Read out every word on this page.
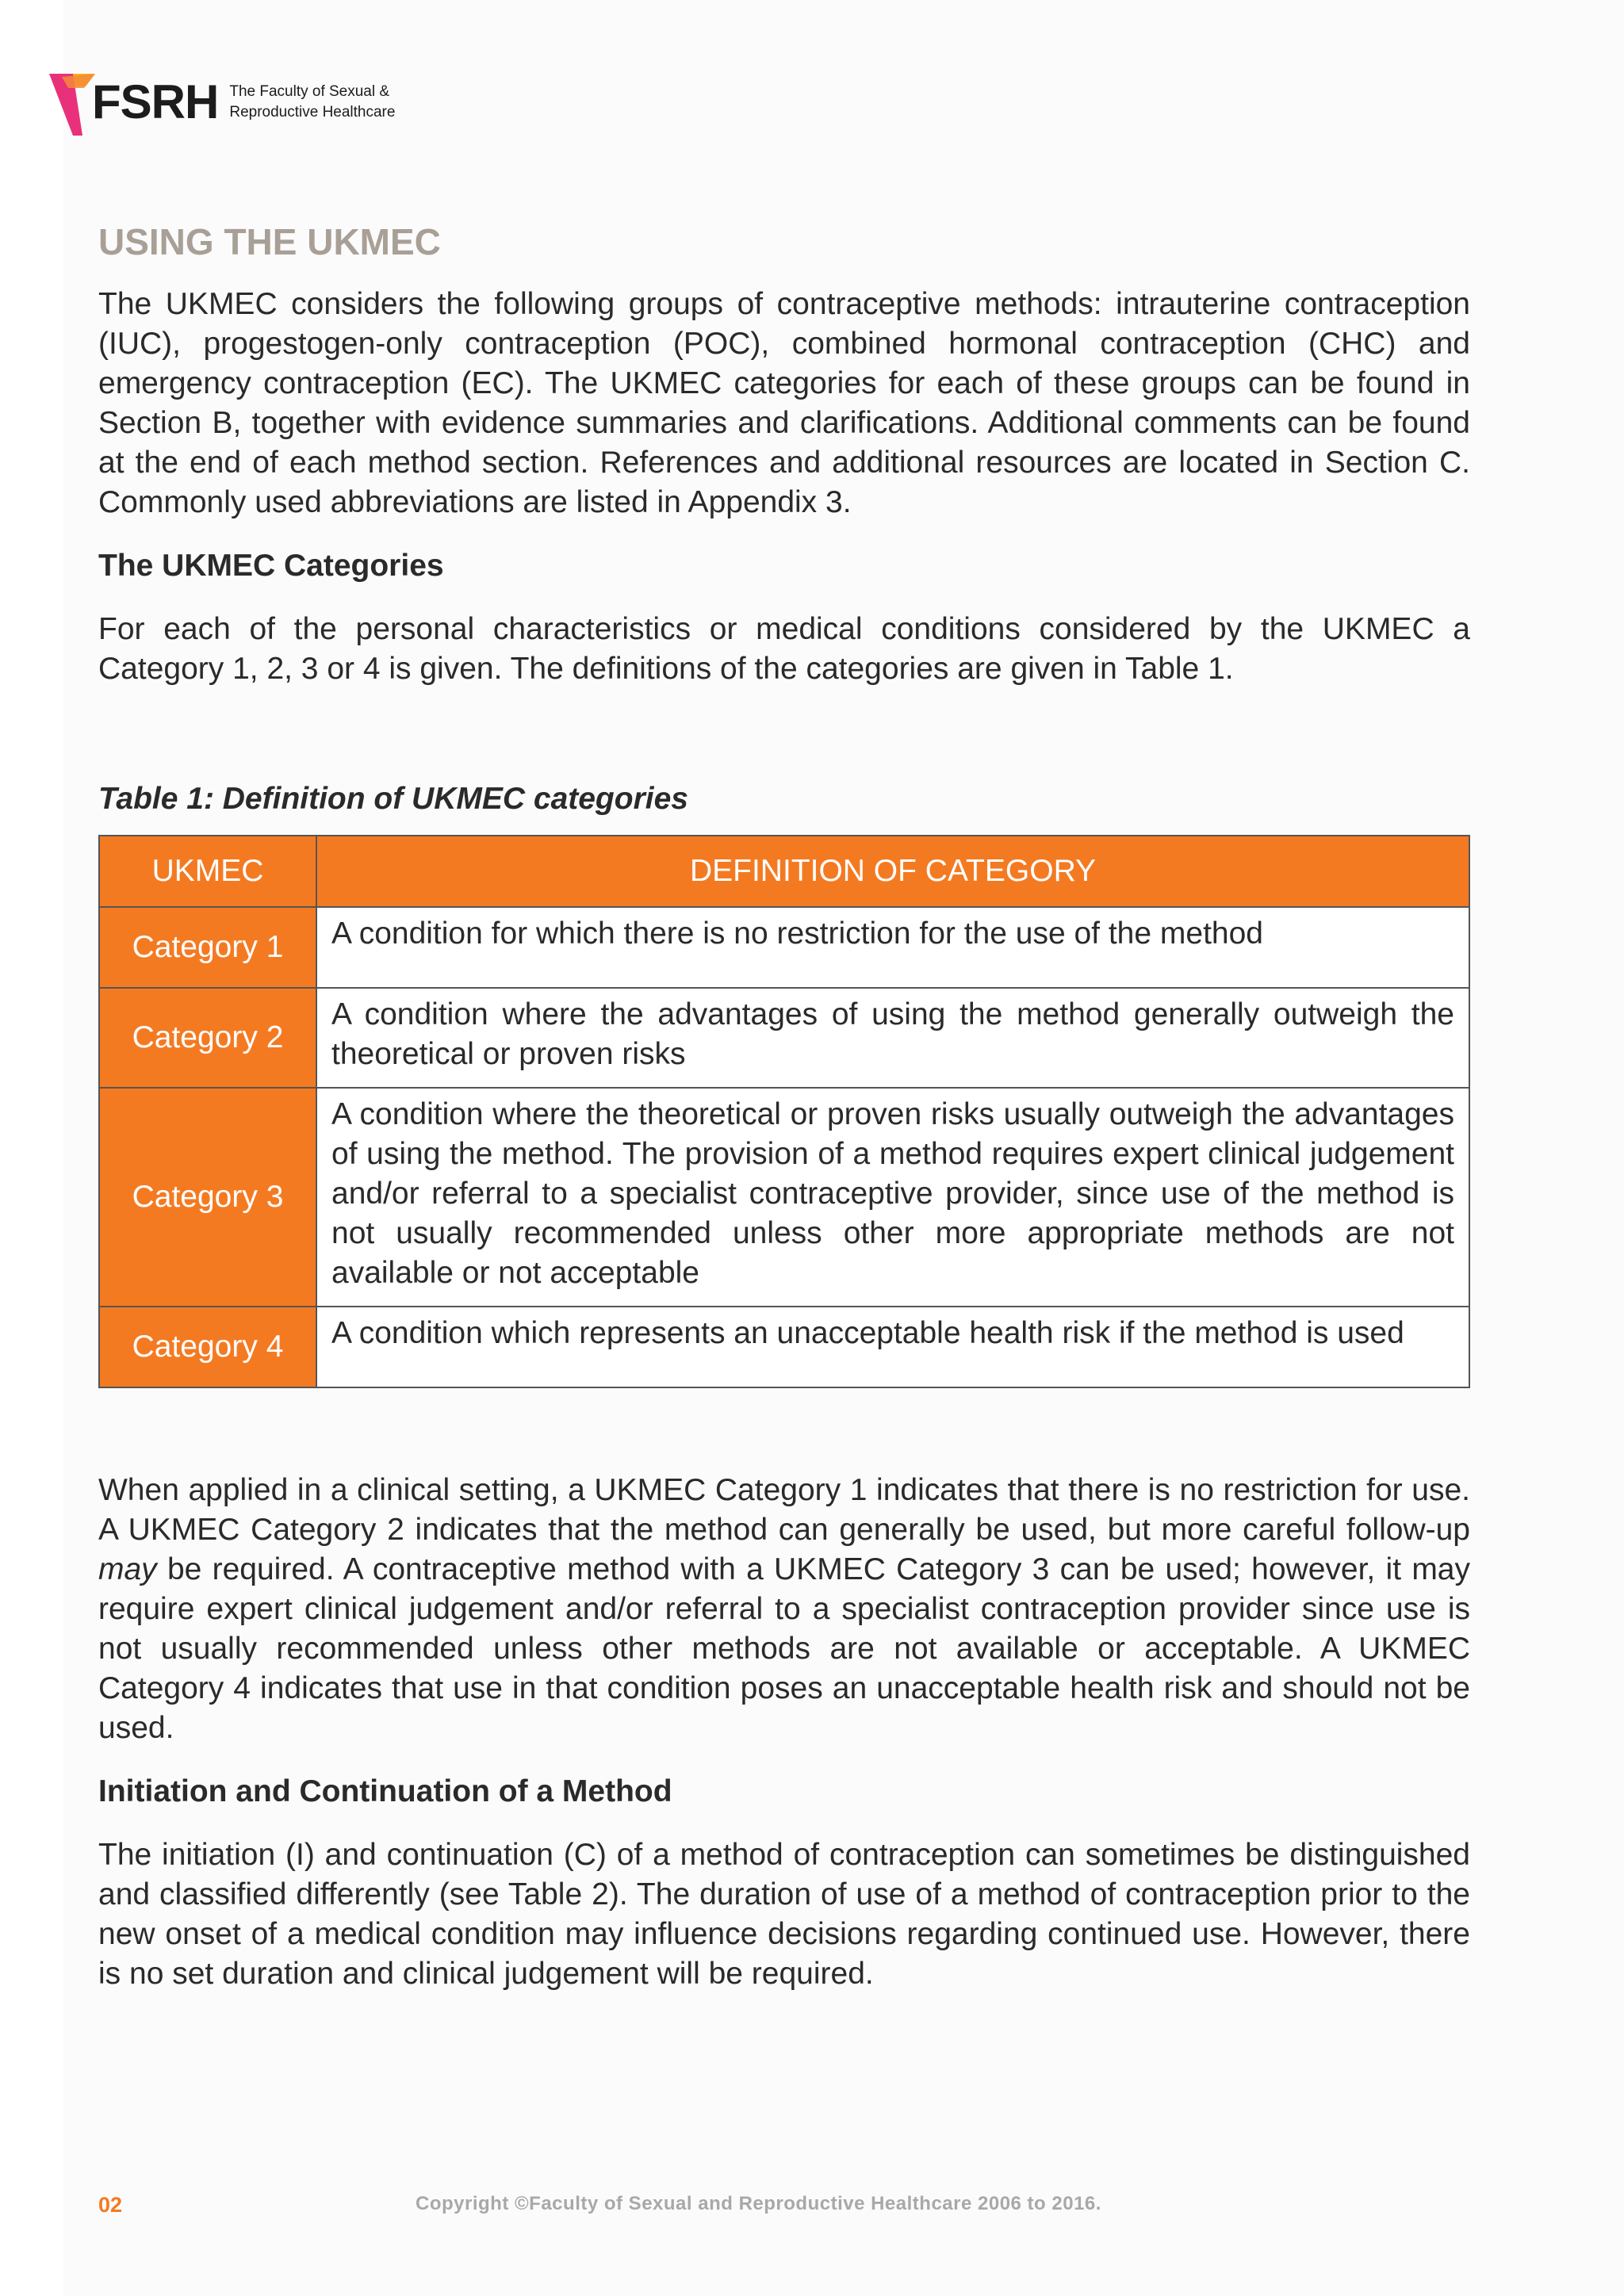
FSRH The Faculty of Sexual &
Reproductive Healthcare
USING THE UKMEC

The UKMEC considers the following groups of contraceptive methods: intrauterine contraception (IUC), progestogen-only contraception (POC), combined hormonal contraception (CHC) and emergency contraception (EC). The UKMEC categories for each of these groups can be found in Section B, together with evidence summaries and clarifications. Additional comments can be found at the end of each method section. References and additional resources are located in Section C. Commonly used abbreviations are listed in Appendix 3.

The UKMEC Categories

For each of the personal characteristics or medical conditions considered by the UKMEC a Category 1, 2, 3 or 4 is given. The definitions of the categories are given in Table 1.

Table 1: Definition of UKMEC categories
UKMEC	DEFINITION OF CATEGORY
Category 1	A condition for which there is no restriction for the use of the method
Category 2	A condition where the advantages of using the method generally outweigh the theoretical or proven risks
Category 3	A condition where the theoretical or proven risks usually outweigh the advantages of using the method. The provision of a method requires expert clinical judgement and/or referral to a specialist contraceptive provider, since use of the method is not usually recommended unless other more appropriate methods are not available or not acceptable
Category 4	A condition which represents an unacceptable health risk if the method is used

When applied in a clinical setting, a UKMEC Category 1 indicates that there is no restriction for use. A UKMEC Category 2 indicates that the method can generally be used, but more careful follow-up may be required. A contraceptive method with a UKMEC Category 3 can be used; however, it may require expert clinical judgement and/or referral to a specialist contraception provider since use is not usually recommended unless other methods are not available or acceptable. A UKMEC Category 4 indicates that use in that condition poses an unacceptable health risk and should not be used.

Initiation and Continuation of a Method

The initiation (I) and continuation (C) of a method of contraception can sometimes be distinguished and classified differently (see Table 2). The duration of use of a method of contraception prior to the new onset of a medical condition may influence decisions regarding continued use. However, there is no set duration and clinical judgement will be required.

02	Copyright ©Faculty of Sexual and Reproductive Healthcare 2006 to 2016.
